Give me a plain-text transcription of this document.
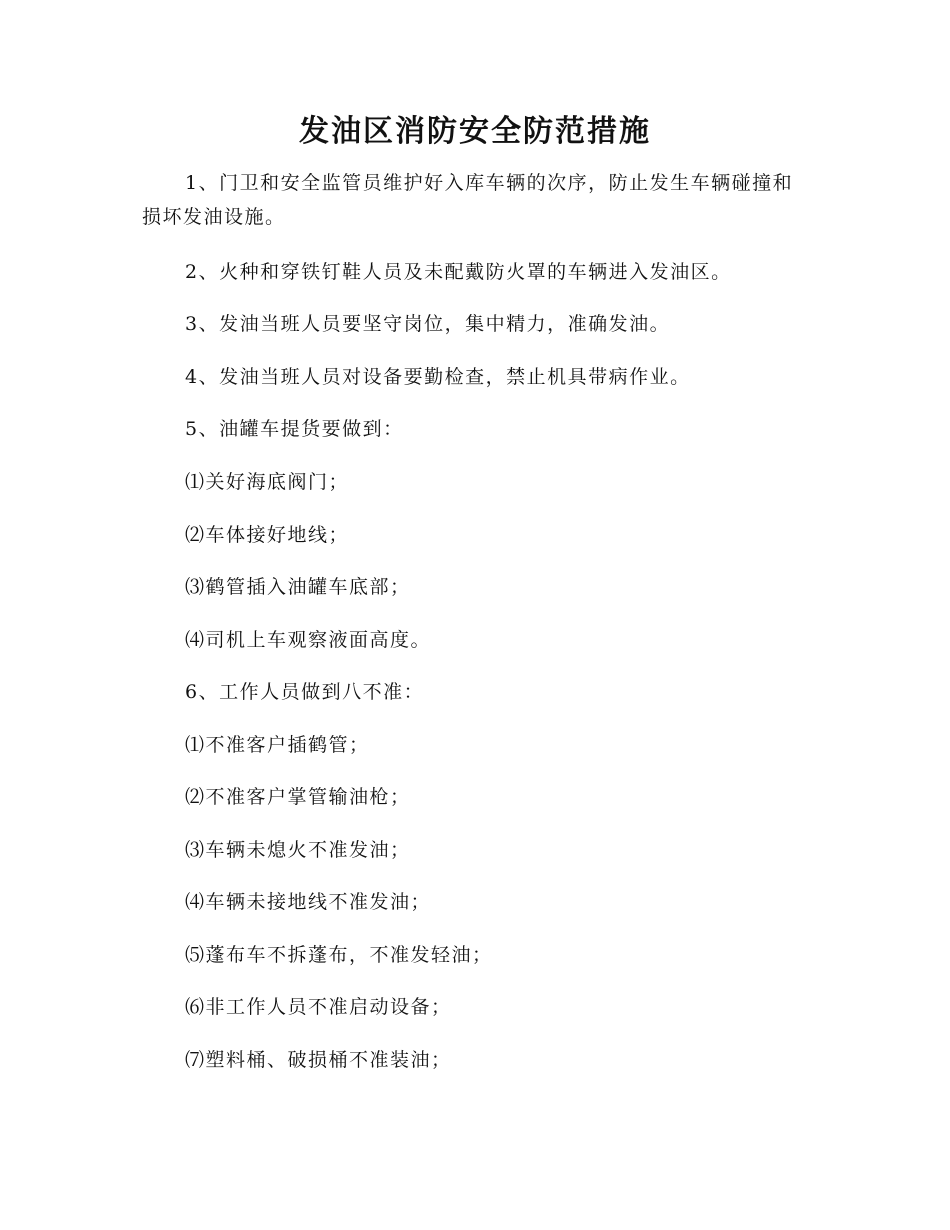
发油区消防安全防范措施
1、门卫和安全监管员维护好入库车辆的次序，防止发生车辆碰撞和损坏发油设施。
2、火种和穿铁钉鞋人员及未配戴防火罩的车辆进入发油区。
3、发油当班人员要坚守岗位，集中精力，准确发油。
4、发油当班人员对设备要勤检查，禁止机具带病作业。
5、油罐车提货要做到：
⑴关好海底阀门；
⑵车体接好地线；
⑶鹤管插入油罐车底部；
⑷司机上车观察液面高度。
6、工作人员做到八不准：
⑴不准客户插鹤管；
⑵不准客户掌管输油枪；
⑶车辆未熄火不准发油；
⑷车辆未接地线不准发油；
⑸蓬布车不拆蓬布，不准发轻油；
⑹非工作人员不准启动设备；
⑺塑料桶、破损桶不准装油；
